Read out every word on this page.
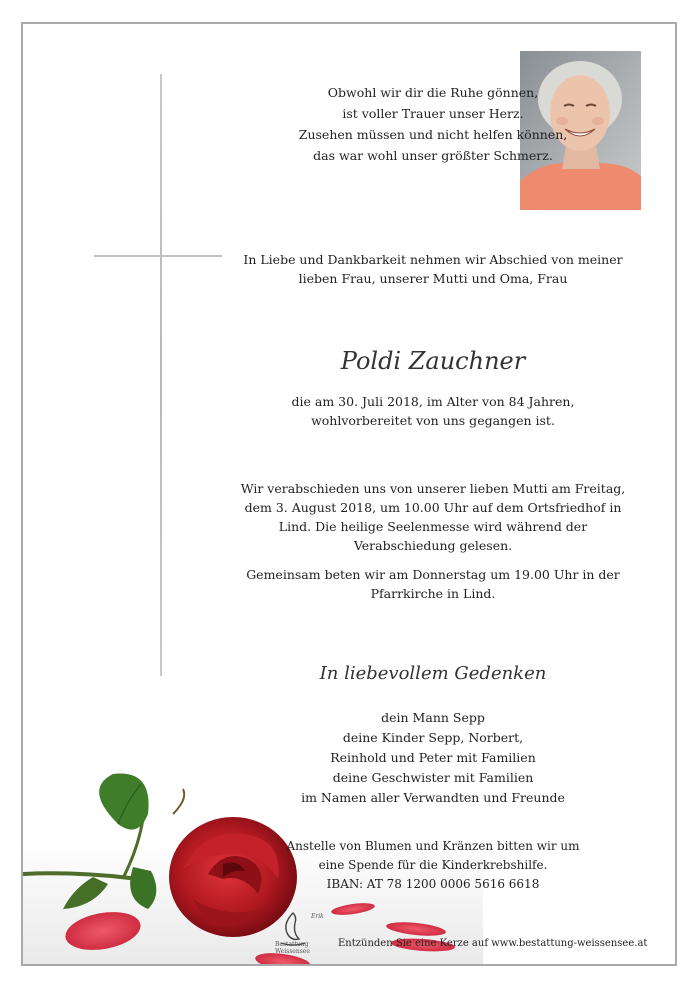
Obwohl wir dir die Ruhe gönnen,
ist voller Trauer unser Herz.
Zusehen müssen und nicht helfen können,
das war wohl unser größter Schmerz.
In Liebe und Dankbarkeit nehmen wir Abschied von meiner
lieben Frau, unserer Mutti und Oma, Frau
Poldi Zauchner
die am 30. Juli 2018, im Alter von 84 Jahren,
wohlvorbereitet von uns gegangen ist.
Wir verabschieden uns von unserer lieben Mutti am Freitag,
dem 3. August 2018, um 10.00 Uhr auf dem Ortsfriedhof in
Lind. Die heilige Seelenmesse wird während der
Verabschiedung gelesen.
Gemeinsam beten wir am Donnerstag um 19.00 Uhr in der
Pfarrkirche in Lind.
In liebevollem Gedenken
dein Mann Sepp
deine Kinder Sepp, Norbert,
Reinhold und Peter mit Familien
deine Geschwister mit Familien
im Namen aller Verwandten und Freunde
Erik
Bestattung Weissensee
Entzünden Sie eine Kerze auf www.bestattung-weissensee.at
Anstelle von Blumen und Kränzen bitten wir um
eine Spende für die Kinderkrebshilfe.
IBAN: AT 78 1200 0006 5616 6618
